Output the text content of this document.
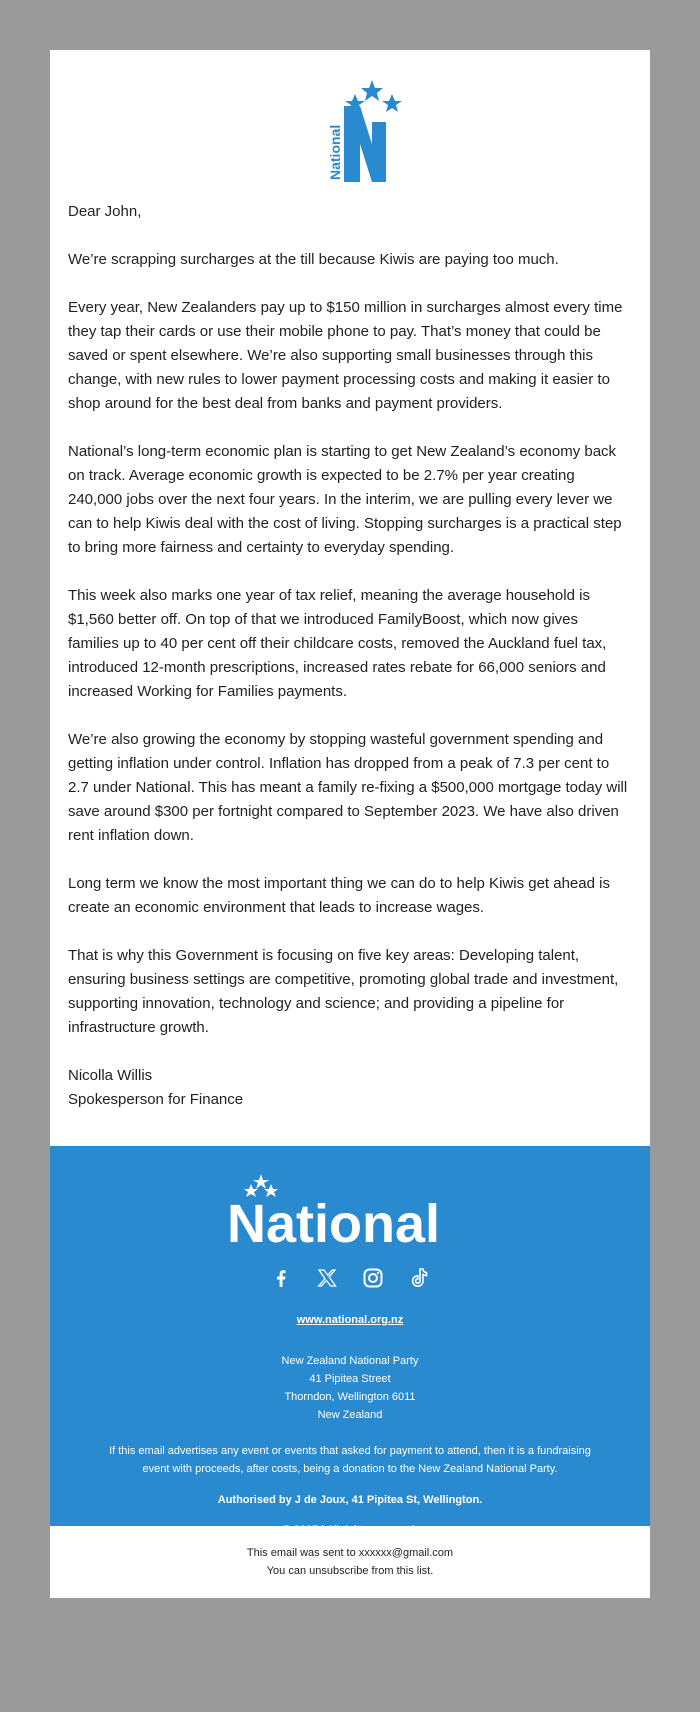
National

Dear John,

We’re scrapping surcharges at the till because Kiwis are paying too much.

Every year, New Zealanders pay up to $150 million in surcharges almost every time they tap their cards or use their mobile phone to pay. That’s money that could be saved or spent elsewhere. We’re also supporting small businesses through this change, with new rules to lower payment processing costs and making it easier to shop around for the best deal from banks and payment providers.

National’s long-term economic plan is starting to get New Zealand’s economy back on track. Average economic growth is expected to be 2.7% per year creating 240,000 jobs over the next four years. In the interim, we are pulling every lever we can to help Kiwis deal with the cost of living. Stopping surcharges is a practical step to bring more fairness and certainty to everyday spending.

This week also marks one year of tax relief, meaning the average household is $1,560 better off. On top of that we introduced FamilyBoost, which now gives families up to 40 per cent off their childcare costs, removed the Auckland fuel tax, introduced 12-month prescriptions, increased rates rebate for 66,000 seniors and increased Working for Families payments.

We’re also growing the economy by stopping wasteful government spending and getting inflation under control. Inflation has dropped from a peak of 7.3 per cent to 2.7 under National. This has meant a family re-fixing a $500,000 mortgage today will save around $300 per fortnight compared to September 2023. We have also driven rent inflation down.

Long term we know the most important thing we can do to help Kiwis get ahead is create an economic environment that leads to increase wages.

That is why this Government is focusing on five key areas: Developing talent, ensuring business settings are competitive, promoting global trade and investment, supporting innovation, technology and science; and providing a pipeline for infrastructure growth.

Nicolla Willis

Spokesperson for Finance

National
www.national.org.nz
New Zealand National Party
41 Pipitea Street
Thorndon, Wellington 6011
New Zealand
If this email advertises any event or events that asked for payment to attend, then it is a fundraising event with proceeds, after costs, being a donation to the New Zealand National Party.
Authorised by J de Joux, 41 Pipitea St, Wellington.
© 2025 | All rights reserved.
This email was sent to xxxxxx@gmail.com
You can unsubscribe from this list.
